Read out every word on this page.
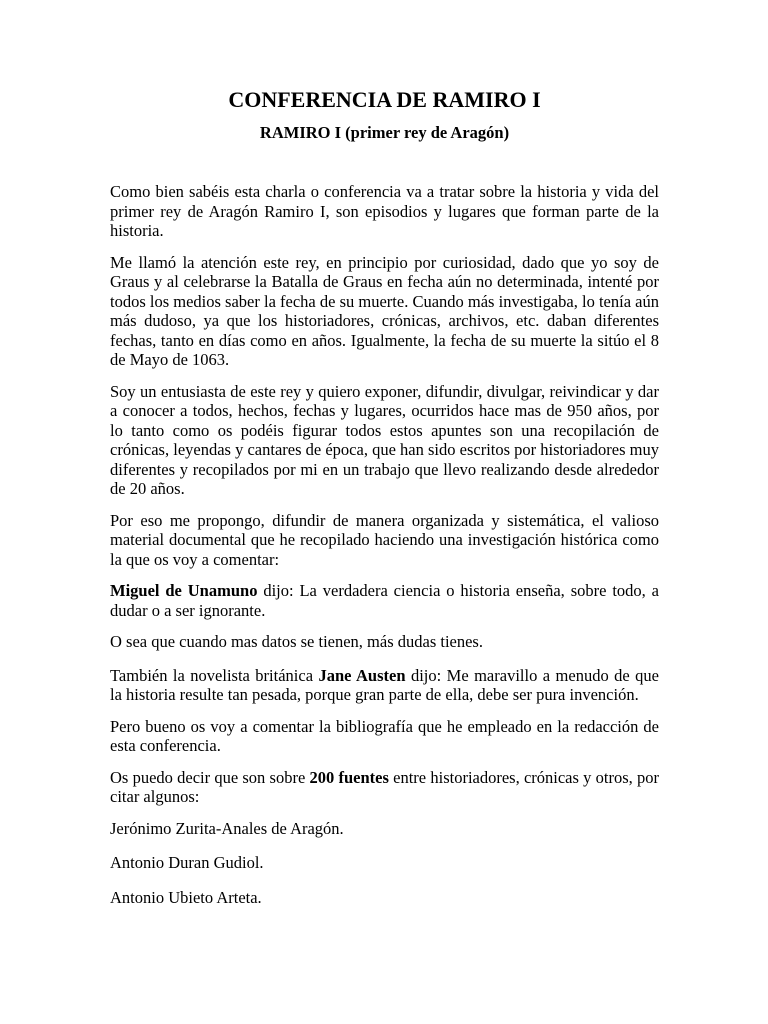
CONFERENCIA DE RAMIRO I
RAMIRO I (primer rey de Aragón)

Como bien sabéis esta charla o conferencia va a tratar sobre la historia y vida del primer rey de Aragón Ramiro I, son episodios y lugares que forman parte de la historia.

Me llamó la atención este rey, en principio por curiosidad, dado que yo soy de Graus y al celebrarse la Batalla de Graus en fecha aún no determinada, intenté por todos los medios saber la fecha de su muerte. Cuando más investigaba, lo tenía aún más dudoso, ya que los historiadores, crónicas, archivos, etc. daban diferentes fechas, tanto en días como en años. Igualmente, la fecha de su muerte la sitúo el 8 de Mayo de 1063.

Soy un entusiasta de este rey y quiero exponer, difundir, divulgar, reivindicar y dar a conocer a todos, hechos, fechas y lugares, ocurridos hace mas de 950 años, por lo tanto como os podéis figurar todos estos apuntes son una recopilación de crónicas, leyendas y cantares de época, que han sido escritos por historiadores muy diferentes y recopilados por mi en un trabajo que llevo realizando desde alrededor de 20 años.

Por eso me propongo, difundir de manera organizada y sistemática, el valioso material documental que he recopilado haciendo una investigación histórica como la que os voy a comentar:

Miguel de Unamuno dijo: La verdadera ciencia o historia enseña, sobre todo, a dudar o a ser ignorante.

O sea que cuando mas datos se tienen, más dudas tienes.

También la novelista británica Jane Austen dijo: Me maravillo a menudo de que la historia resulte tan pesada, porque gran parte de ella, debe ser pura invención.

Pero bueno os voy a comentar la bibliografía que he empleado en la redacción de esta conferencia.

Os puedo decir que son sobre 200 fuentes entre historiadores, crónicas y otros, por citar algunos:

Jerónimo Zurita-Anales de Aragón.

Antonio Duran Gudiol.

Antonio Ubieto Arteta.
